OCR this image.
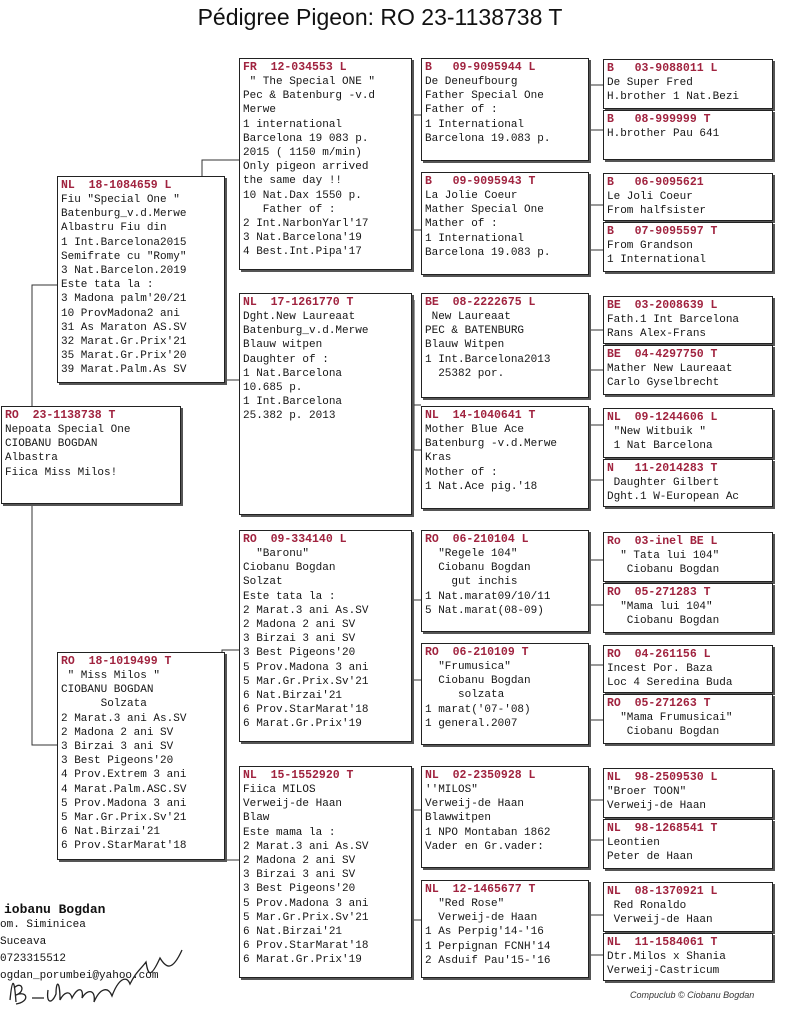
Pédigree Pigeon: RO 23-1138738 T
RO  23-1138738 T
Nepoata Special One
CIOBANU BOGDAN
Albastra
Fiica Miss Milos!
NL  18-1084659 L
Fiu "Special One "
Batenburg_v.d.Merwe
Albastru Fiu din
1 Int.Barcelona2015
Semifrate cu "Romy"
3 Nat.Barcelon.2019
Este tata la :
3 Madona palm'20/21
10 ProvMadona2 ani
31 As Maraton AS.SV
32 Marat.Gr.Prix'21
35 Marat.Gr.Prix'20
39 Marat.Palm.As SV
RO  18-1019499 T
" Miss Milos "
CIOBANU BOGDAN
Solzata
2 Marat.3 ani As.SV
2 Madona 2 ani SV
3 Birzai 3 ani SV
3 Best Pigeons'20
4 Prov.Extrem 3 ani
4 Marat.Palm.ASC.SV
5 Prov.Madona 3 ani
5 Mar.Gr.Prix.Sv'21
6 Nat.Birzai'21
6 Prov.StarMarat'18
FR  12-034553 L
" The Special ONE "
Pec & Batenburg -v.d
Merwe
1 international
Barcelona 19 083 p.
2015 ( 1150 m/min)
Only pigeon arrived
the same day !!
10 Nat.Dax 1550 p.
Father of :
2 Int.NarbonYarl'17
3 Nat.Barcelona'19
4 Best.Int.Pipa'17
NL  17-1261770 T
Dght.New Laureaat
Batenburg_v.d.Merwe
Blauw witpen
Daughter of :
1 Nat.Barcelona
10.685 p.
1 Int.Barcelona
25.382 p. 2013
RO  09-334140 L
"Baronu"
Ciobanu Bogdan
Solzat
Este tata la :
2 Marat.3 ani As.SV
2 Madona 2 ani SV
3 Birzai 3 ani SV
3 Best Pigeons'20
5 Prov.Madona 3 ani
5 Mar.Gr.Prix.Sv'21
6 Nat.Birzai'21
6 Prov.StarMarat'18
6 Marat.Gr.Prix'19
NL  15-1552920 T
Fiica MILOS
Verweij-de Haan
Blaw
Este mama la :
2 Marat.3 ani As.SV
2 Madona 2 ani SV
3 Birzai 3 ani SV
3 Best Pigeons'20
5 Prov.Madona 3 ani
5 Mar.Gr.Prix.Sv'21
6 Nat.Birzai'21
6 Prov.StarMarat'18
6 Marat.Gr.Prix'19
B   09-9095944 L
De Deneufbourg
Father Special One
Father of :
1 International
Barcelona 19.083 p.
B   09-9095943 T
La Jolie Coeur
Mather Special One
Mather of :
1 International
Barcelona 19.083 p.
BE  08-2222675 L
New Laureaat
PEC & BATENBURG
Blauw Witpen
1 Int.Barcelona2013
25382 por.
NL  14-1040641 T
Mother Blue Ace
Batenburg -v.d.Merwe
Kras
Mother of :
1 Nat.Ace pig.'18
RO  06-210104 L
"Regele 104"
Ciobanu Bogdan
gut inchis
1 Nat.marat09/10/11
5 Nat.marat(08-09)
RO  06-210109 T
"Frumusica"
Ciobanu Bogdan
solzata
1 marat('07-'08)
1 general.2007
NL  02-2350928 L
''MILOS"
Verweij-de Haan
Blawwitpen
1 NPO Montaban 1862
Vader en Gr.vader:
NL  12-1465677 T
"Red Rose"
Verweij-de Haan
1 As Perpig'14-'16
1 Perpignan FCNH'14
2 Asduif Pau'15-'16
B   03-9088011 L
De Super Fred
H.brother 1 Nat.Bezi
B   08-999999 T
H.brother Pau 641
B   06-9095621
Le Joli Coeur
From halfsister
B   07-9095597 T
From Grandson
1 International
BE  03-2008639 L
Fath.1 Int Barcelona
Rans Alex-Frans
BE  04-4297750 T
Mather New Laureaat
Carlo Gyselbrecht
NL  09-1244606 L
"New Witbuik "
1 Nat Barcelona
N   11-2014283 T
Daughter Gilbert
Dght.1 W-European Ac
Ro  03-inel BE L
" Tata lui 104"
Ciobanu Bogdan
RO  05-271283 T
"Mama lui 104"
Ciobanu Bogdan
RO  04-261156 L
Incest Por. Baza
Loc 4 Seredina Buda
RO  05-271263 T
"Mama Frumusicai"
Ciobanu Bogdan
NL  98-2509530 L
"Broer TOON"
Verweij-de Haan
NL  98-1268541 T
Leontien
Peter de Haan
NL  08-1370921 L
Red Ronaldo
Verweij-de Haan
NL  11-1584061 T
Dtr.Milos x Shania
Verweij-Castricum
iobanu Bogdan
om. Siminicea
Suceava
0723315512
ogdan_porumbei@yahoo.com
Compuclub © Ciobanu Bogdan
